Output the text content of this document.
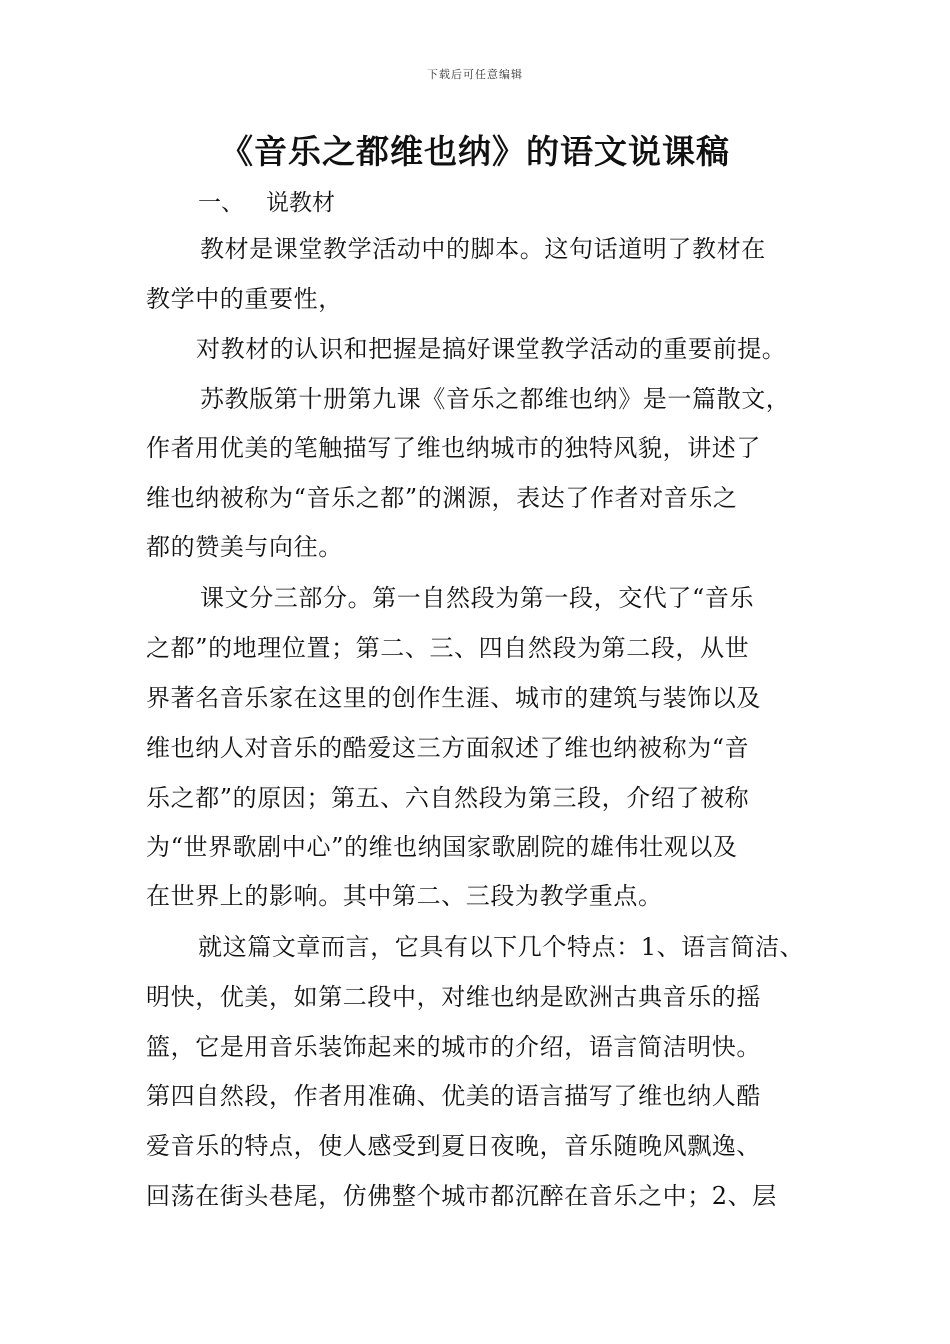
下载后可任意编辑
《音乐之都维也纳》的语文说课稿
一、 说教材
教材是课堂教学活动中的脚本。这句话道明了教材在
教学中的重要性，
对教材的认识和把握是搞好课堂教学活动的重要前提。
苏教版第十册第九课《音乐之都维也纳》是一篇散文，
作者用优美的笔触描写了维也纳城市的独特风貌，讲述了
维也纳被称为“音乐之都”的渊源，表达了作者对音乐之
都的赞美与向往。
课文分三部分。第一自然段为第一段，交代了“音乐
之都”的地理位置；第二、三、四自然段为第二段，从世
界著名音乐家在这里的创作生涯、城市的建筑与装饰以及
维也纳人对音乐的酷爱这三方面叙述了维也纳被称为“音
乐之都”的原因；第五、六自然段为第三段，介绍了被称
为“世界歌剧中心”的维也纳国家歌剧院的雄伟壮观以及
在世界上的影响。其中第二、三段为教学重点。
就这篇文章而言，它具有以下几个特点：1、语言简洁、
明快，优美，如第二段中，对维也纳是欧洲古典音乐的摇
篮，它是用音乐装饰起来的城市的介绍，语言简洁明快。
第四自然段，作者用准确、优美的语言描写了维也纳人酷
爱音乐的特点，使人感受到夏日夜晚，音乐随晚风飘逸、
回荡在街头巷尾，仿佛整个城市都沉醉在音乐之中；2、层
